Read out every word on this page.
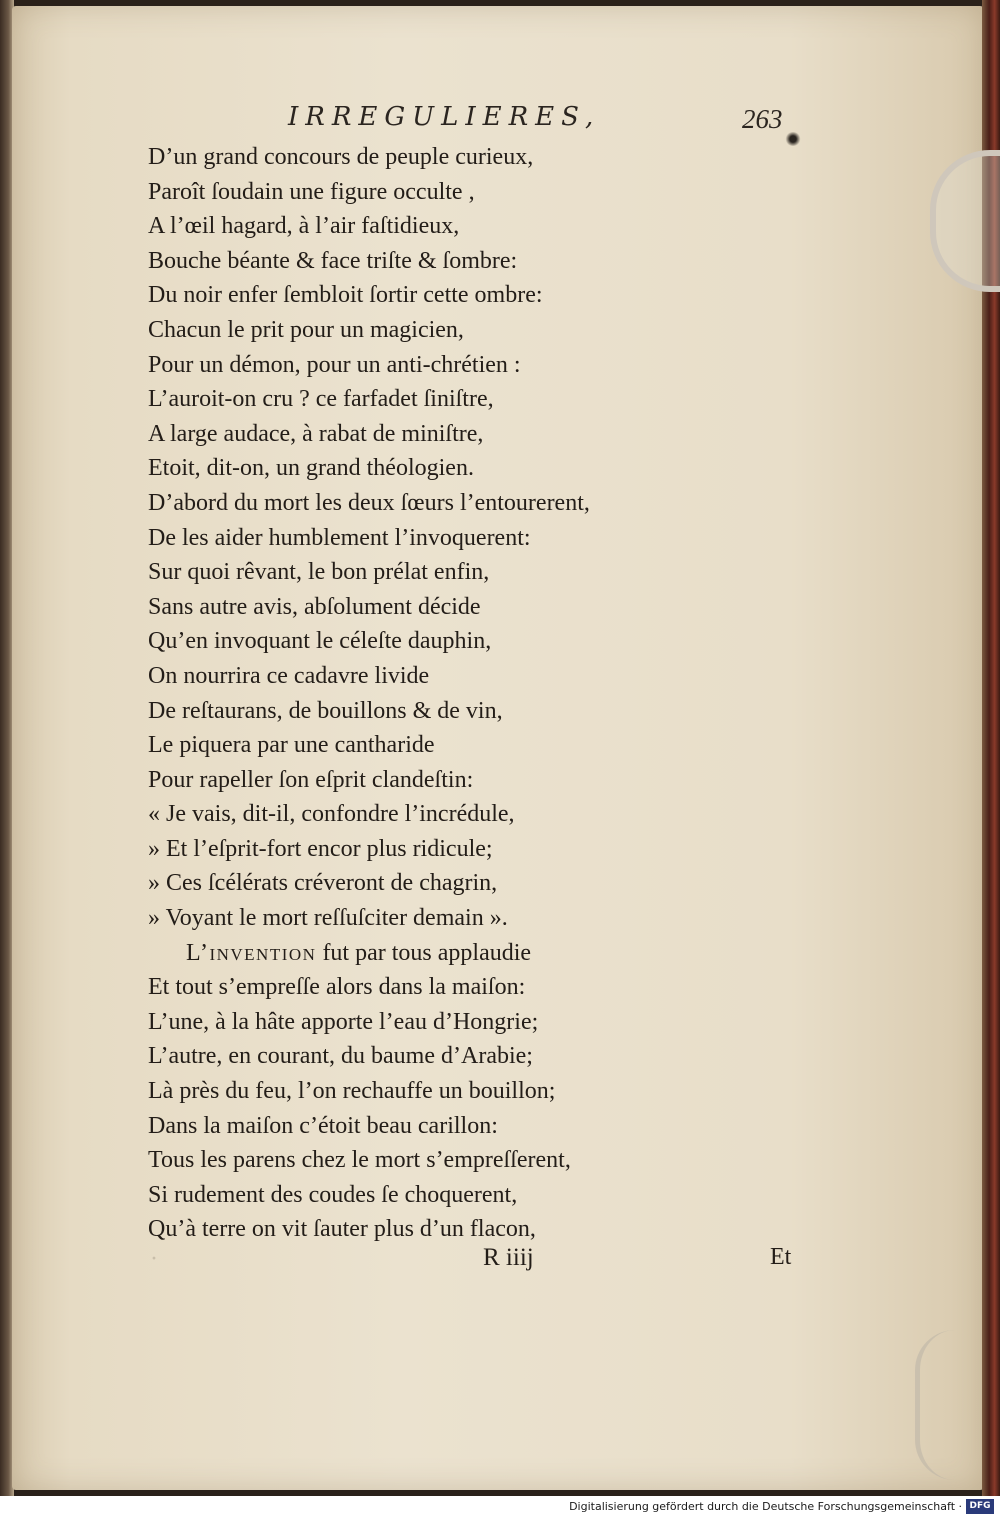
IRREGULIERES,	263
D’un grand concours de peuple curieux,
Paroît ſoudain une figure occulte ,
A l’œil hagard, à l’air faſtidieux,
Bouche béante & face triſte & ſombre:
Du noir enfer ſembloit ſortir cette ombre:
Chacun le prit pour un magicien,
Pour un démon, pour un anti-chrétien :
L’auroit-on cru ? ce farfadet ſiniſtre,
A large audace, à rabat de miniſtre,
Etoit, dit-on, un grand théologien.
D’abord du mort les deux ſœurs l’entourerent,
De les aider humblement l’invoquerent:
Sur quoi rêvant, le bon prélat enfin,
Sans autre avis, abſolument décide
Qu’en invoquant le céleſte dauphin,
On nourrira ce cadavre livide
De reſtaurans, de bouillons & de vin,
Le piquera par une cantharide
Pour rapeller ſon eſprit clandeſtin:
« Je vais, dit-il, confondre l’incrédule,
» Et l’eſprit-fort encor plus ridicule;
» Ces ſcélérats créveront de chagrin,
» Voyant le mort reſſuſciter demain ».
L’invention fut par tous applaudie
Et tout s’empreſſe alors dans la maiſon:
L’une, à la hâte apporte l’eau d’Hongrie;
L’autre, en courant, du baume d’Arabie;
Là près du feu, l’on rechauffe un bouillon;
Dans la maiſon c’étoit beau carillon:
Tous les parens chez le mort s’empreſſerent,
Si rudement des coudes ſe choquerent,
Qu’à terre on vit ſauter plus d’un flacon,
·	R iiij	Et
Digitalisierung gefördert durch die Deutsche Forschungsgemeinschaft · DFG
